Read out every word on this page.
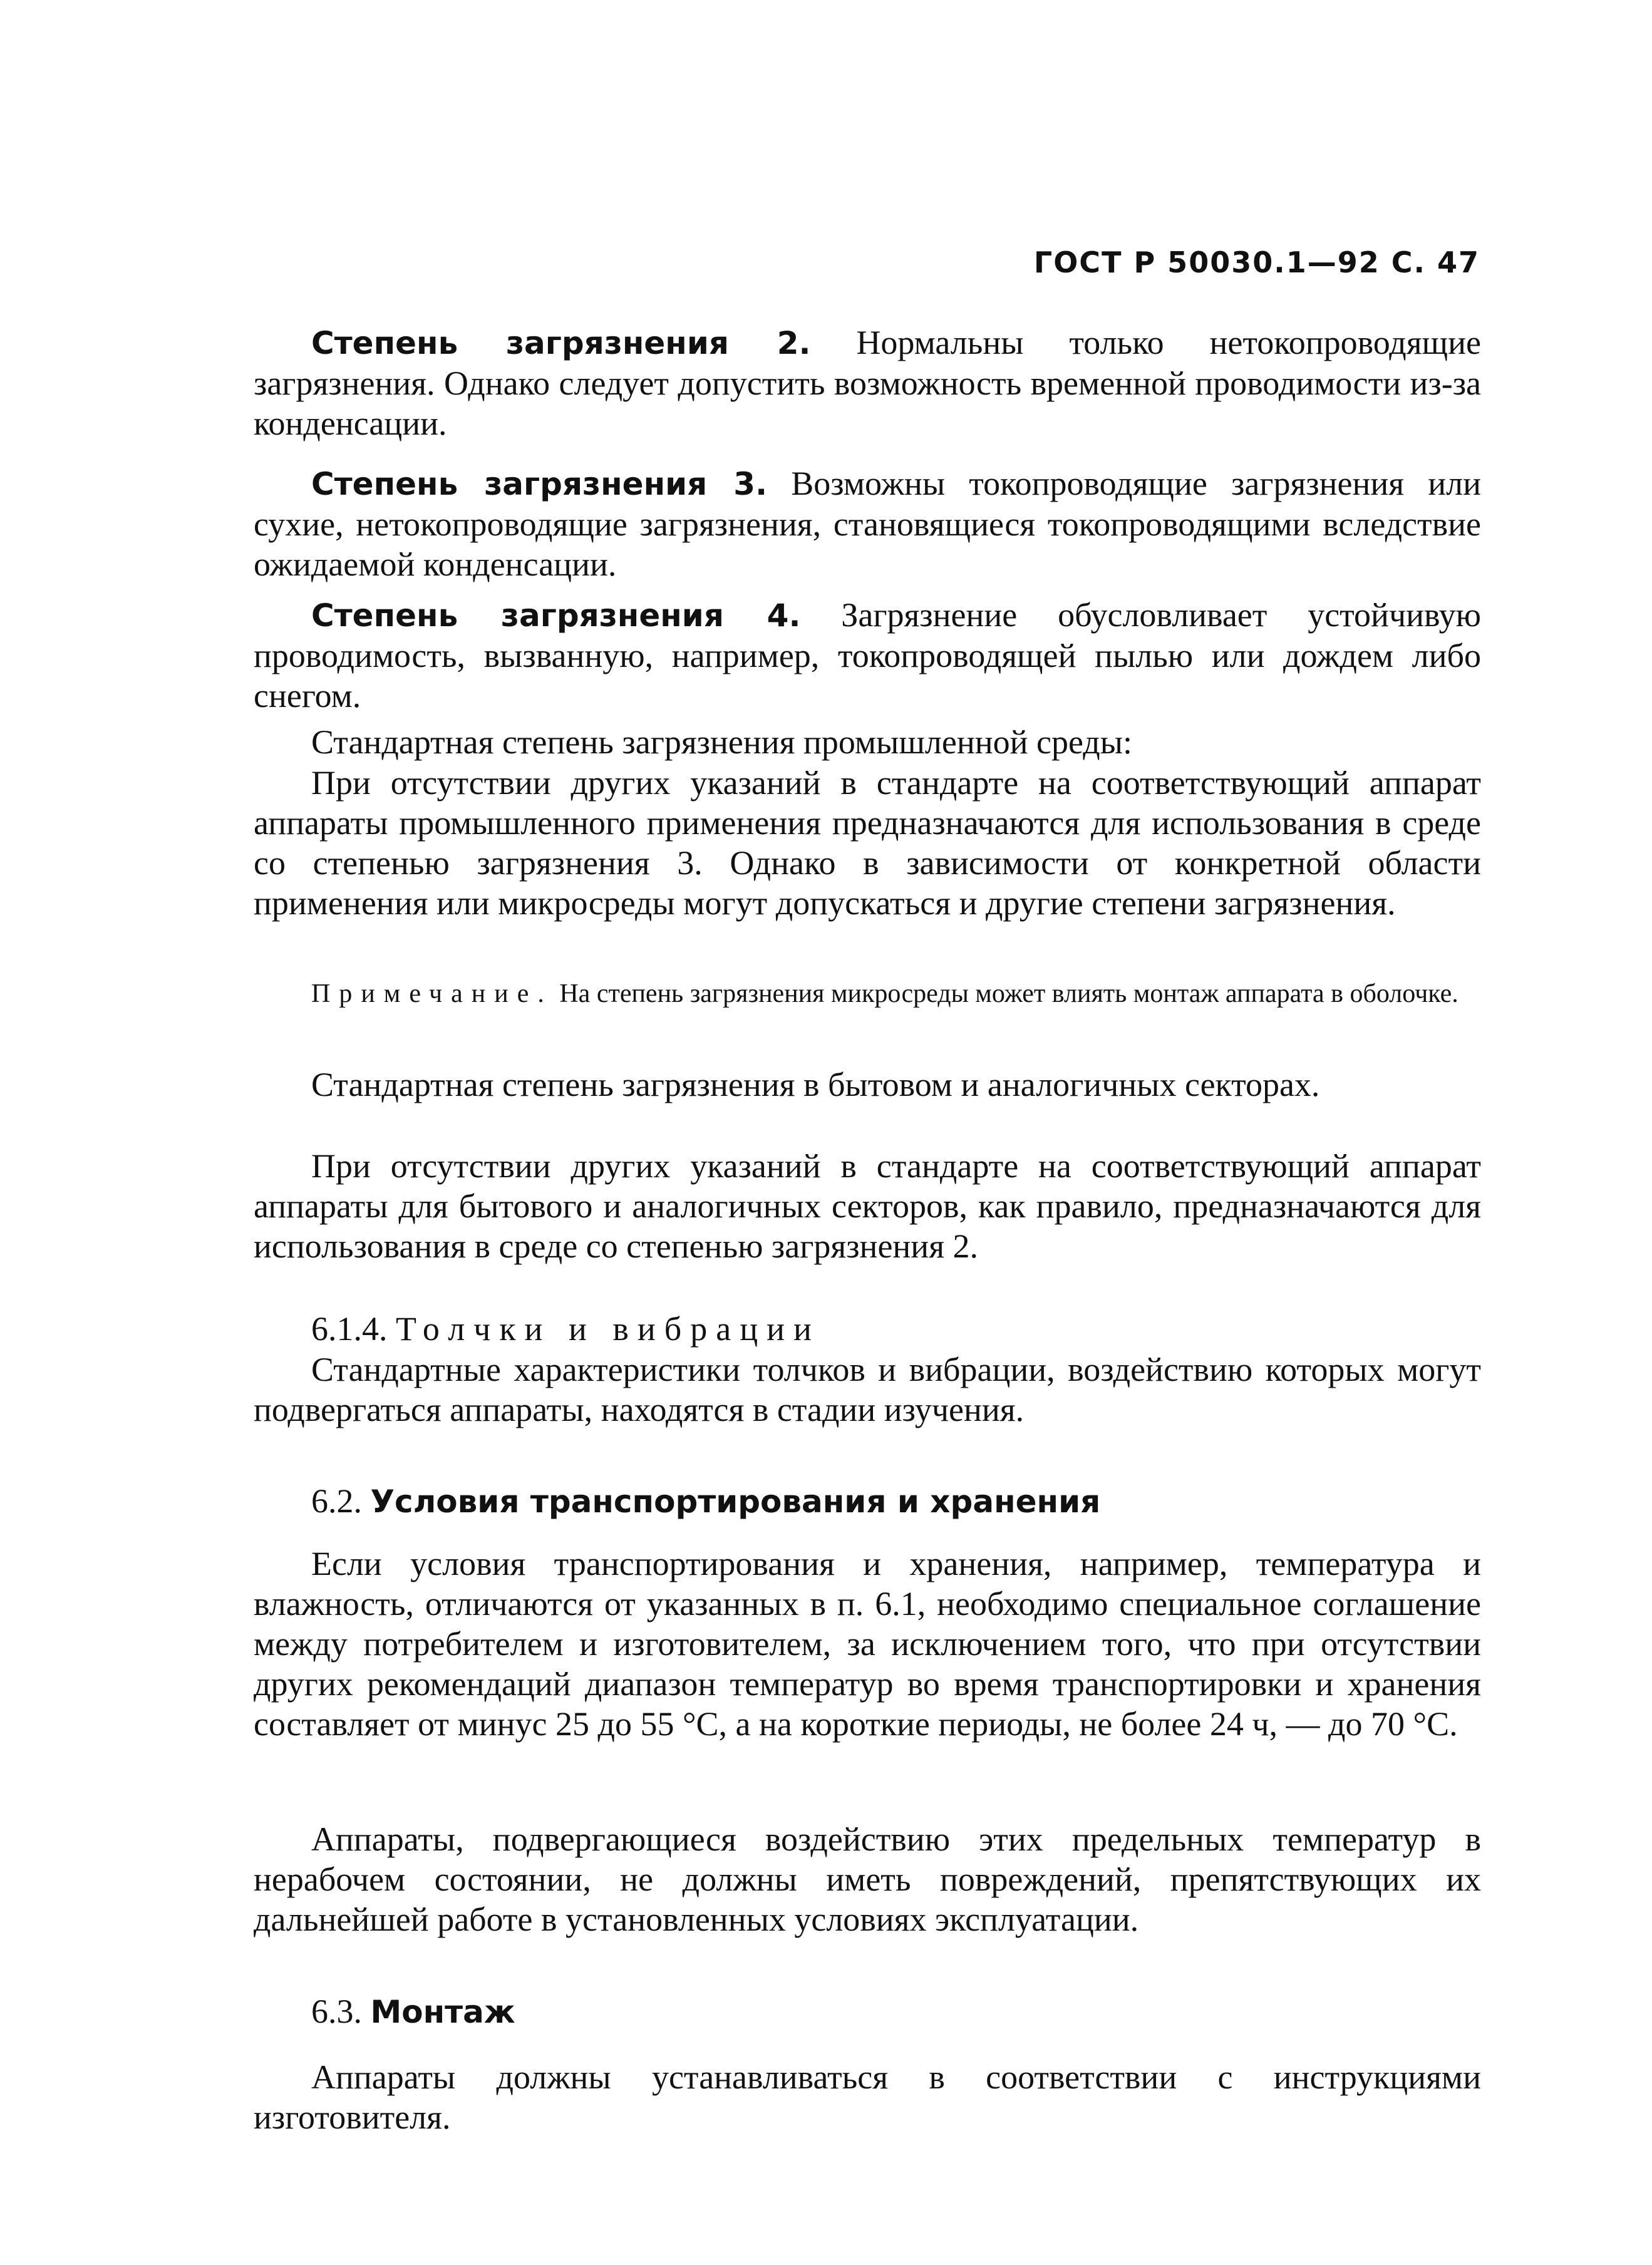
ГОСТ Р 50030.1—92 С. 47

Степень загрязнения 2. Нормальны только нетокопроводящие загрязнения. Однако следует допустить возможность временной проводимости из-за конденсации.

Степень загрязнения 3. Возможны токопроводящие загрязнения или сухие, нетокопроводящие загрязнения, становящиеся токопроводящими вследствие ожидаемой конденсации.

Степень загрязнения 4. Загрязнение обусловливает устойчивую проводимость, вызванную, например, токопроводящей пылью или дождем либо снегом.

Стандартная степень загрязнения промышленной среды:

При отсутствии других указаний в стандарте на соответствующий аппарат аппараты промышленного применения предназначаются для использования в среде со степенью загрязнения 3. Однако в зависимости от конкретной области применения или микросреды могут допускаться и другие степени загрязнения.

Примечание. На степень загрязнения микросреды может влиять монтаж аппарата в оболочке.

Стандартная степень загрязнения в бытовом и аналогичных секторах.

При отсутствии других указаний в стандарте на соответствующий аппарат аппараты для бытового и аналогичных секторов, как правило, предназначаются для использования в среде со степенью загрязнения 2.

6.1.4. Толчки и вибрации

Стандартные характеристики толчков и вибрации, воздействию которых могут подвергаться аппараты, находятся в стадии изучения.

6.2. Условия транспортирования и хранения

Если условия транспортирования и хранения, например, температура и влажность, отличаются от указанных в п. 6.1, необходимо специальное соглашение между потребителем и изготовителем, за исключением того, что при отсутствии других рекомендаций диапазон температур во время транспортировки и хранения составляет от минус 25 до 55 °С, а на короткие периоды, не более 24 ч, — до 70 °С.

Аппараты, подвергающиеся воздействию этих предельных температур в нерабочем состоянии, не должны иметь повреждений, препятствующих их дальнейшей работе в установленных условиях эксплуатации.

6.3. Монтаж

Аппараты должны устанавливаться в соответствии с инструкциями изготовителя.
